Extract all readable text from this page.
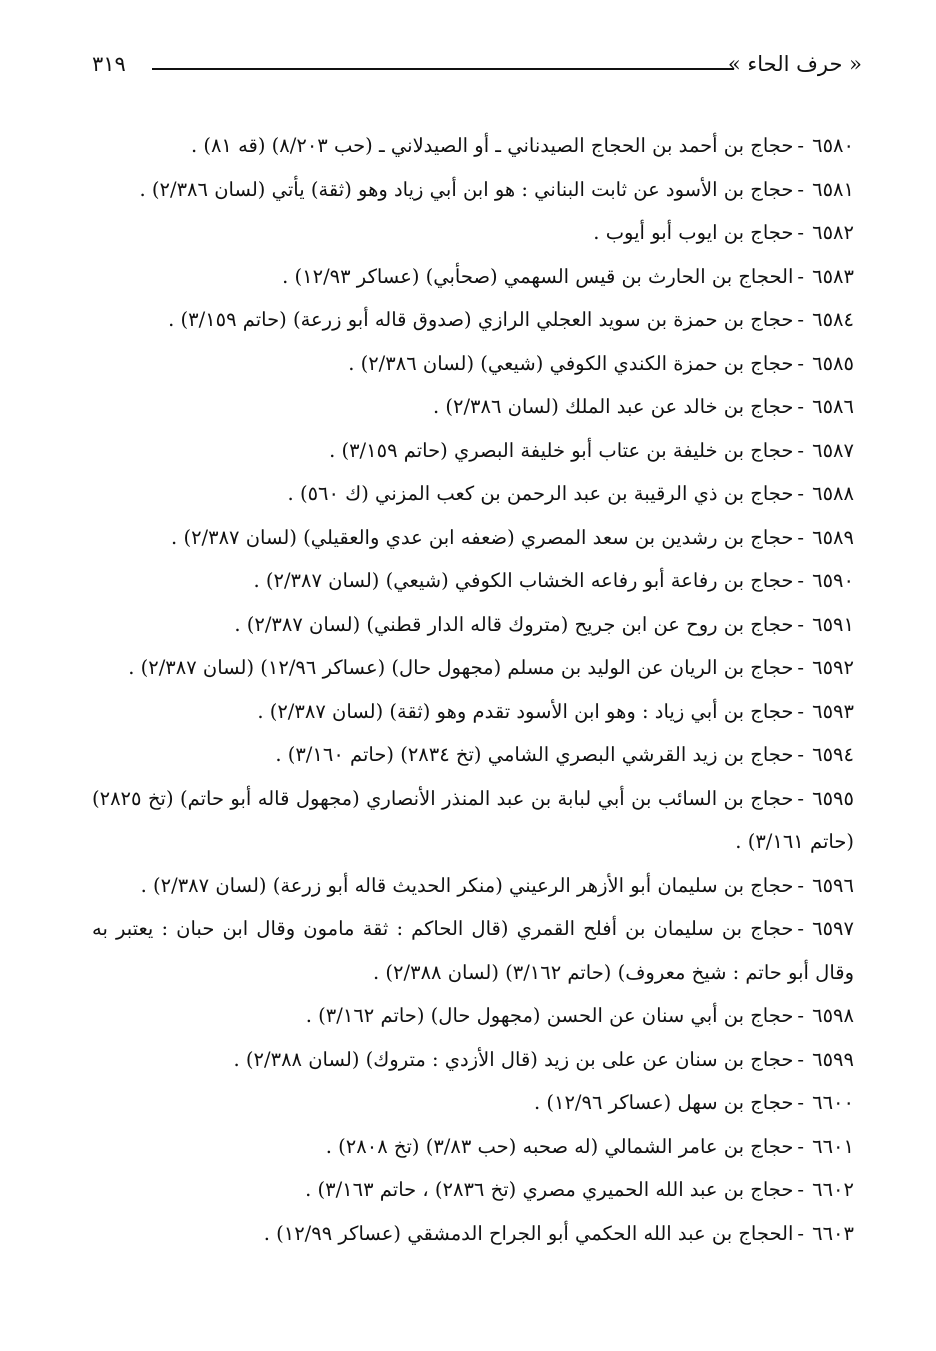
« حرف الحاء »
٣١٩
٦٥٨٠-حجاج بن أحمد بن الحجاج الصيدناني ـ أو الصيدلاني ـ (حب ٨/٢٠٣) (قه ٨١) .
٦٥٨١-حجاج بن الأسود عن ثابت البناني : هو ابن أبي زياد وهو (ثقة) يأتي (لسان ٢/٣٨٦) .
٦٥٨٢-حجاج بن ايوب أبو أيوب .
٦٥٨٣-الحجاج بن الحارث بن قيس السهمي (صحأبي) (عساكر ١٢/٩٣) .
٦٥٨٤-حجاج بن حمزة بن سويد العجلي الرازي (صدوق قاله أبو زرعة) (حاتم ٣/١٥٩) .
٦٥٨٥-حجاج بن حمزة الكندي الكوفي (شيعي) (لسان ٢/٣٨٦) .
٦٥٨٦-حجاج بن خالد عن عبد الملك (لسان ٢/٣٨٦) .
٦٥٨٧-حجاج بن خليفة بن عتاب أبو خليفة البصري (حاتم ٣/١٥٩) .
٦٥٨٨-حجاج بن ذي الرقيبة بن عبد الرحمن بن كعب المزني (ك ٥٦٠) .
٦٥٨٩-حجاج بن رشدين بن سعد المصري (ضعفه ابن عدي والعقيلي) (لسان ٢/٣٨٧) .
٦٥٩٠-حجاج بن رفاعة أبو رفاعه الخشاب الكوفي (شيعي) (لسان ٢/٣٨٧) .
٦٥٩١-حجاج بن روح عن ابن جريح (متروك قاله الدار قطني) (لسان ٢/٣٨٧) .
٦٥٩٢-حجاج بن الريان عن الوليد بن مسلم (مجهول حال) (عساكر ١٢/٩٦) (لسان ٢/٣٨٧) .
٦٥٩٣-حجاج بن أبي زياد : وهو ابن الأسود تقدم وهو (ثقة) (لسان ٢/٣٨٧) .
٦٥٩٤-حجاج بن زيد القرشي البصري الشامي (تخ ٢٨٣٤) (حاتم ٣/١٦٠) .
٦٥٩٥-حجاج بن السائب بن أبي لبابة بن عبد المنذر الأنصاري (مجهول قاله أبو حاتم) (تخ ٢٨٢٥) (حاتم ٣/١٦١) .
٦٥٩٦-حجاج بن سليمان أبو الأزهر الرعيني (منكر الحديث قاله أبو زرعة) (لسان ٢/٣٨٧) .
٦٥٩٧-حجاج بن سليمان بن أفلح القمري (قال الحاكم : ثقة مامون وقال ابن حبان : يعتبر به وقال أبو حاتم : شيخ معروف) (حاتم ٣/١٦٢) (لسان ٢/٣٨٨) .
٦٥٩٨-حجاج بن أبي سنان عن الحسن (مجهول حال) (حاتم ٣/١٦٢) .
٦٥٩٩-حجاج بن سنان عن على بن زيد (قال الأزدي : متروك) (لسان ٢/٣٨٨) .
٦٦٠٠-حجاج بن سهل (عساكر ١٢/٩٦) .
٦٦٠١-حجاج بن عامر الشمالي (له صحبه (حب ٣/٨٣) (تخ ٢٨٠٨) .
٦٦٠٢-حجاج بن عبد الله الحميري مصري (تخ ٢٨٣٦) ، حاتم ٣/١٦٣) .
٦٦٠٣-الحجاج بن عبد الله الحكمي أبو الجراح الدمشقي (عساكر ١٢/٩٩) .
